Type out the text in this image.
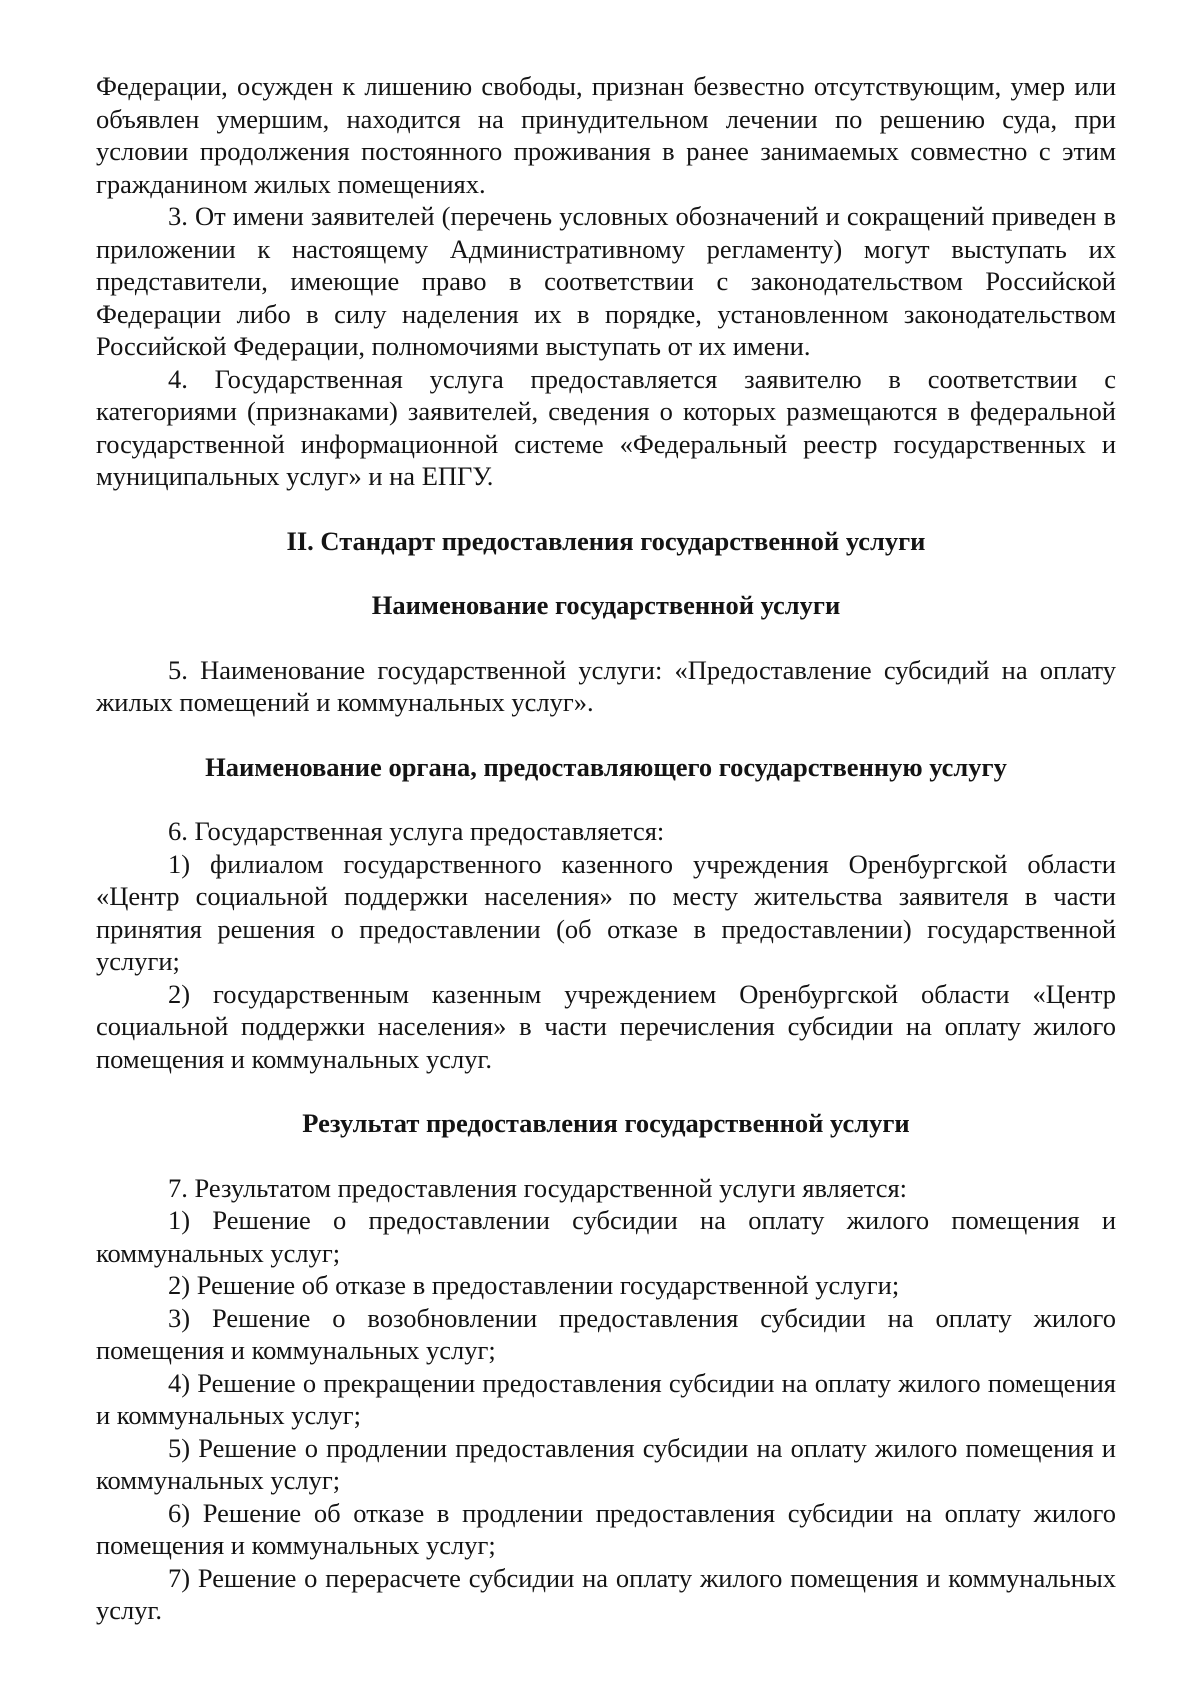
Федерации, осужден к лишению свободы, признан безвестно отсутствующим, умер или объявлен умершим, находится на принудительном лечении по решению суда, при условии продолжения постоянного проживания в ранее занимаемых совместно с этим гражданином жилых помещениях.

3. От имени заявителей (перечень условных обозначений и сокращений приведен в приложении к настоящему Административному регламенту) могут выступать их представители, имеющие право в соответствии с законодательством Российской Федерации либо в силу наделения их в порядке, установленном законодательством Российской Федерации, полномочиями выступать от их имени.

4. Государственная услуга предоставляется заявителю в соответствии с категориями (признаками) заявителей, сведения о которых размещаются в федеральной государственной информационной системе «Федеральный реестр государственных и муниципальных услуг» и на ЕПГУ.

II. Стандарт предоставления государственной услуги

Наименование государственной услуги

5. Наименование государственной услуги: «Предоставление субсидий на оплату жилых помещений и коммунальных услуг».

Наименование органа, предоставляющего государственную услугу

6. Государственная услуга предоставляется:

1) филиалом государственного казенного учреждения Оренбургской области «Центр социальной поддержки населения» по месту жительства заявителя в части принятия решения о предоставлении (об отказе в предоставлении) государственной услуги;

2) государственным казенным учреждением Оренбургской области «Центр социальной поддержки населения» в части перечисления субсидии на оплату жилого помещения и коммунальных услуг.

Результат предоставления государственной услуги

7. Результатом предоставления государственной услуги является:

1) Решение о предоставлении субсидии на оплату жилого помещения и коммунальных услуг;

2) Решение об отказе в предоставлении государственной услуги;

3) Решение о возобновлении предоставления субсидии на оплату жилого помещения и коммунальных услуг;

4) Решение о прекращении предоставления субсидии на оплату жилого помещения и коммунальных услуг;

5) Решение о продлении предоставления субсидии на оплату жилого помещения и коммунальных услуг;

6) Решение об отказе в продлении предоставления субсидии на оплату жилого помещения и коммунальных услуг;

7) Решение о перерасчете субсидии на оплату жилого помещения и коммунальных услуг.
